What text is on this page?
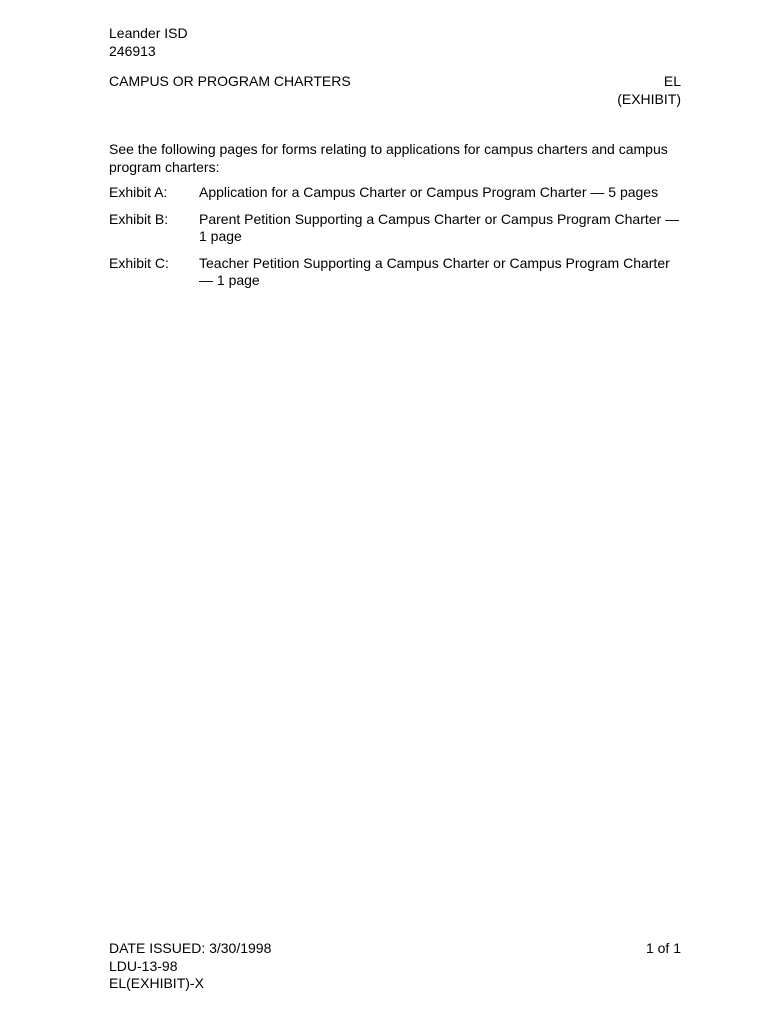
Leander ISD
246913
CAMPUS OR PROGRAM CHARTERS	EL
(EXHIBIT)
See the following pages for forms relating to applications for campus charters and campus program charters:
Exhibit A:	Application for a Campus Charter or Campus Program Charter — 5 pages
Exhibit B:	Parent Petition Supporting a Campus Charter or Campus Program Charter — 1 page
Exhibit C:	Teacher Petition Supporting a Campus Charter or Campus Program Charter — 1 page
DATE ISSUED: 3/30/1998
LDU-13-98
EL(EXHIBIT)-X
1 of 1
